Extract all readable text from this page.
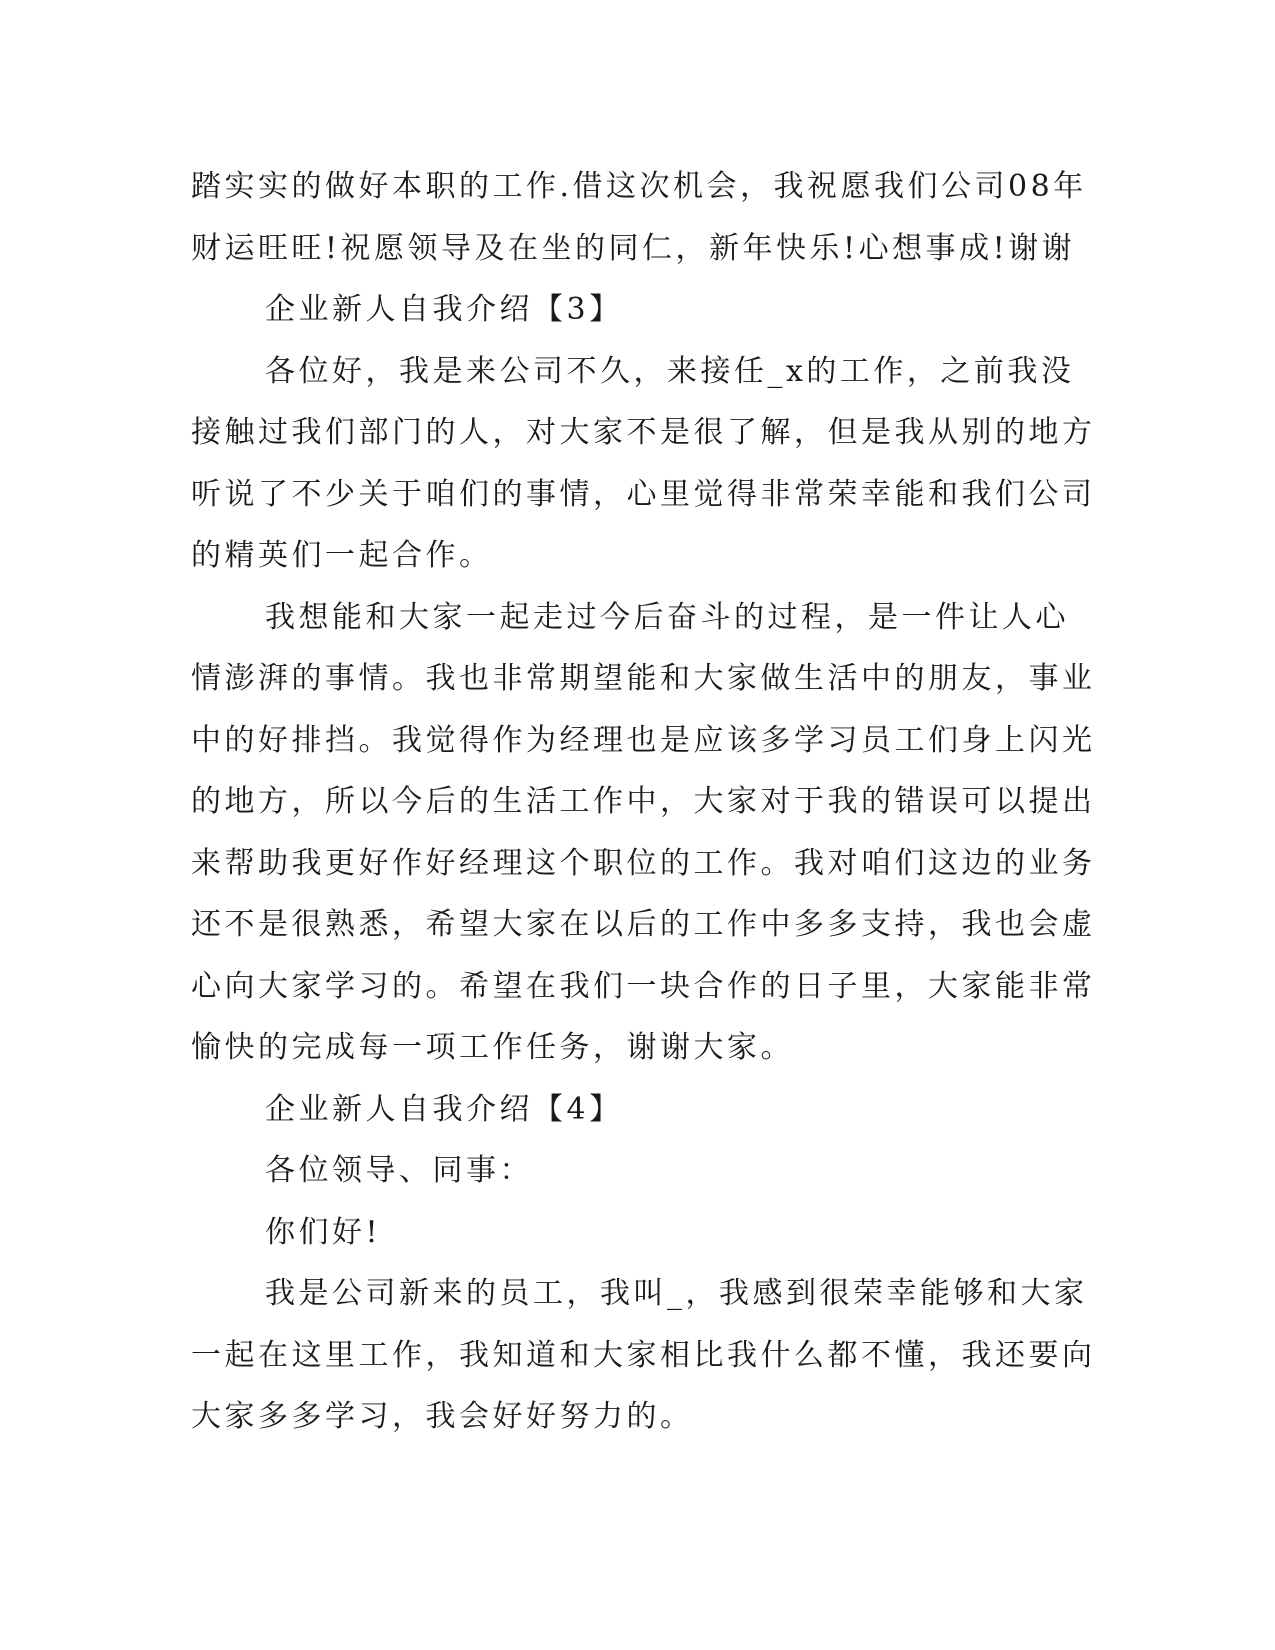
踏实实的做好本职的工作.借这次机会，我祝愿我们公司08年
财运旺旺!祝愿领导及在坐的同仁，新年快乐!心想事成!谢谢
企业新人自我介绍【3】
各位好，我是来公司不久，来接任_x的工作，之前我没
接触过我们部门的人，对大家不是很了解，但是我从别的地方
听说了不少关于咱们的事情，心里觉得非常荣幸能和我们公司
的精英们一起合作。
我想能和大家一起走过今后奋斗的过程，是一件让人心
情澎湃的事情。我也非常期望能和大家做生活中的朋友，事业
中的好排挡。我觉得作为经理也是应该多学习员工们身上闪光
的地方，所以今后的生活工作中，大家对于我的错误可以提出
来帮助我更好作好经理这个职位的工作。我对咱们这边的业务
还不是很熟悉，希望大家在以后的工作中多多支持，我也会虚
心向大家学习的。希望在我们一块合作的日子里，大家能非常
愉快的完成每一项工作任务，谢谢大家。
企业新人自我介绍【4】
各位领导、同事：
你们好!
我是公司新来的员工，我叫_，我感到很荣幸能够和大家
一起在这里工作，我知道和大家相比我什么都不懂，我还要向
大家多多学习，我会好好努力的。
